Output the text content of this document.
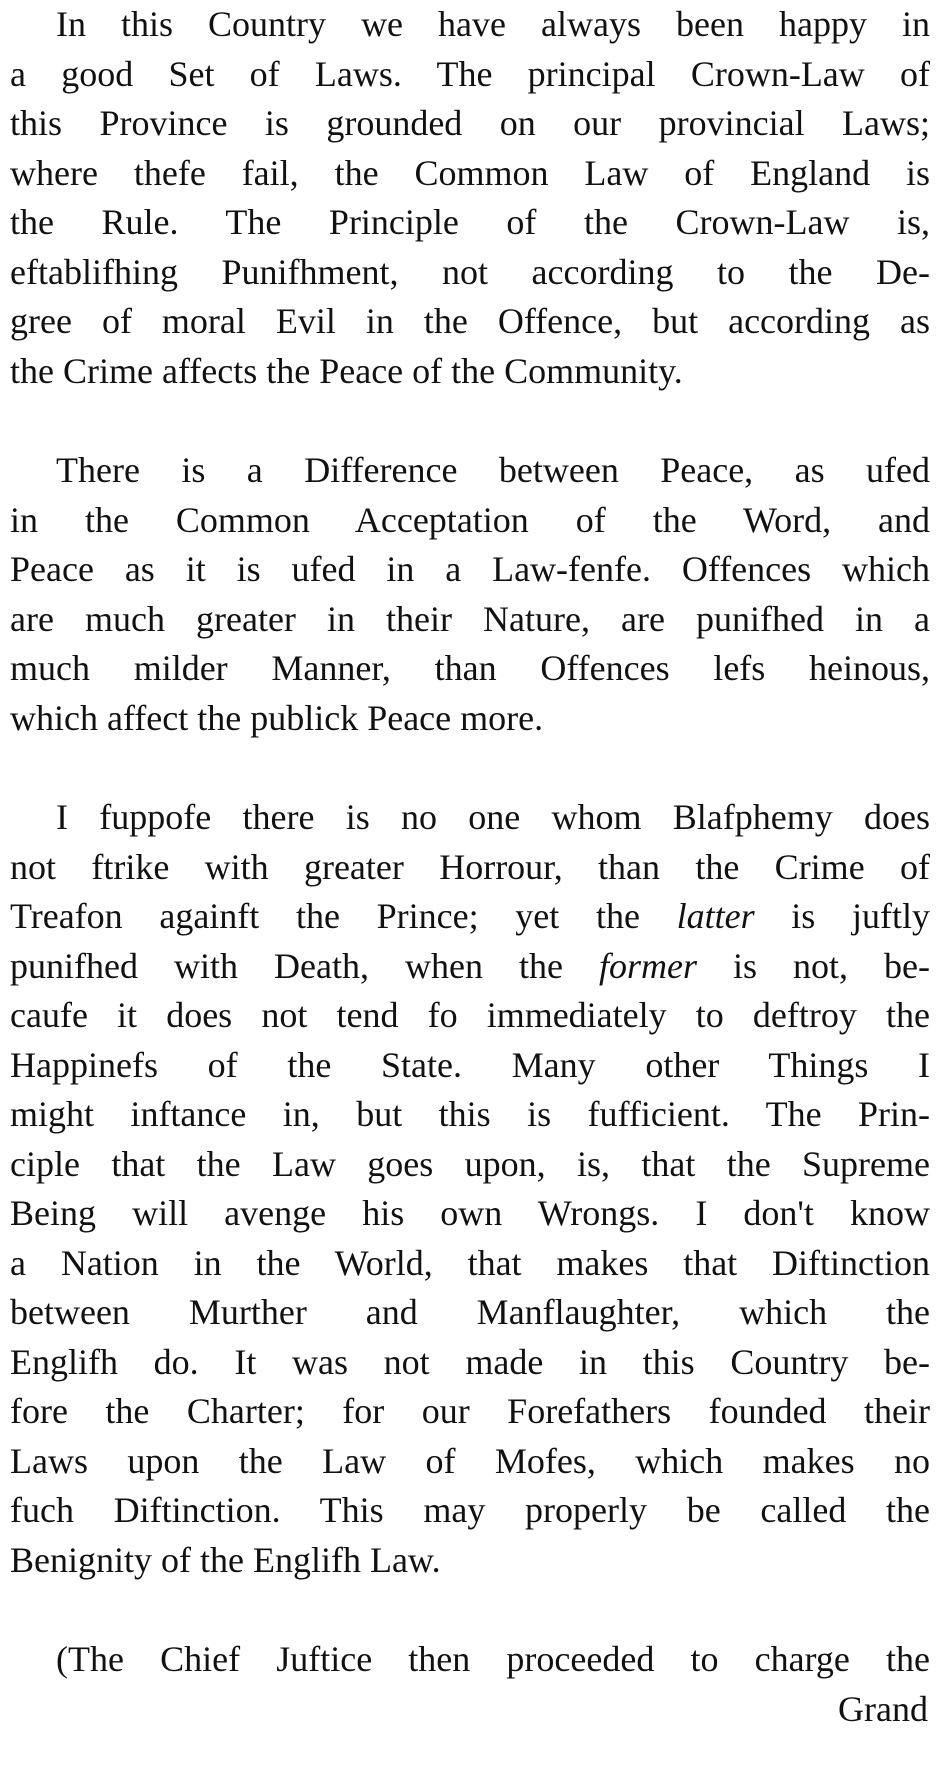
In this Country we have always been happy in
a good Set of Laws. The principal Crown-Law of
this Province is grounded on our provincial Laws;
where thefe fail, the Common Law of England is
the Rule. The Principle of the Crown-Law is,
eftablifhing Punifhment, not according to the De-
gree of moral Evil in the Offence, but according as
the Crime affects the Peace of the Community.
There is a Difference between Peace, as ufed
in the Common Acceptation of the Word, and
Peace as it is ufed in a Law-fenfe. Offences which
are much greater in their Nature, are punifhed in a
much milder Manner, than Offences lefs heinous,
which affect the publick Peace more.
I fuppofe there is no one whom Blafphemy does
not ftrike with greater Horrour, than the Crime of
Treafon againft the Prince; yet the latter is juftly
punifhed with Death, when the former is not, be-
caufe it does not tend fo immediately to deftroy the
Happinefs of the State. Many other Things I
might inftance in, but this is fufficient. The Prin-
ciple that the Law goes upon, is, that the Supreme
Being will avenge his own Wrongs. I don't know
a Nation in the World, that makes that Diftinction
between Murther and Manflaughter, which the
Englifh do. It was not made in this Country be-
fore the Charter; for our Forefathers founded their
Laws upon the Law of Mofes, which makes no
fuch Diftinction. This may properly be called the
Benignity of the Englifh Law.
(The Chief Juftice then proceeded to charge the
Grand
